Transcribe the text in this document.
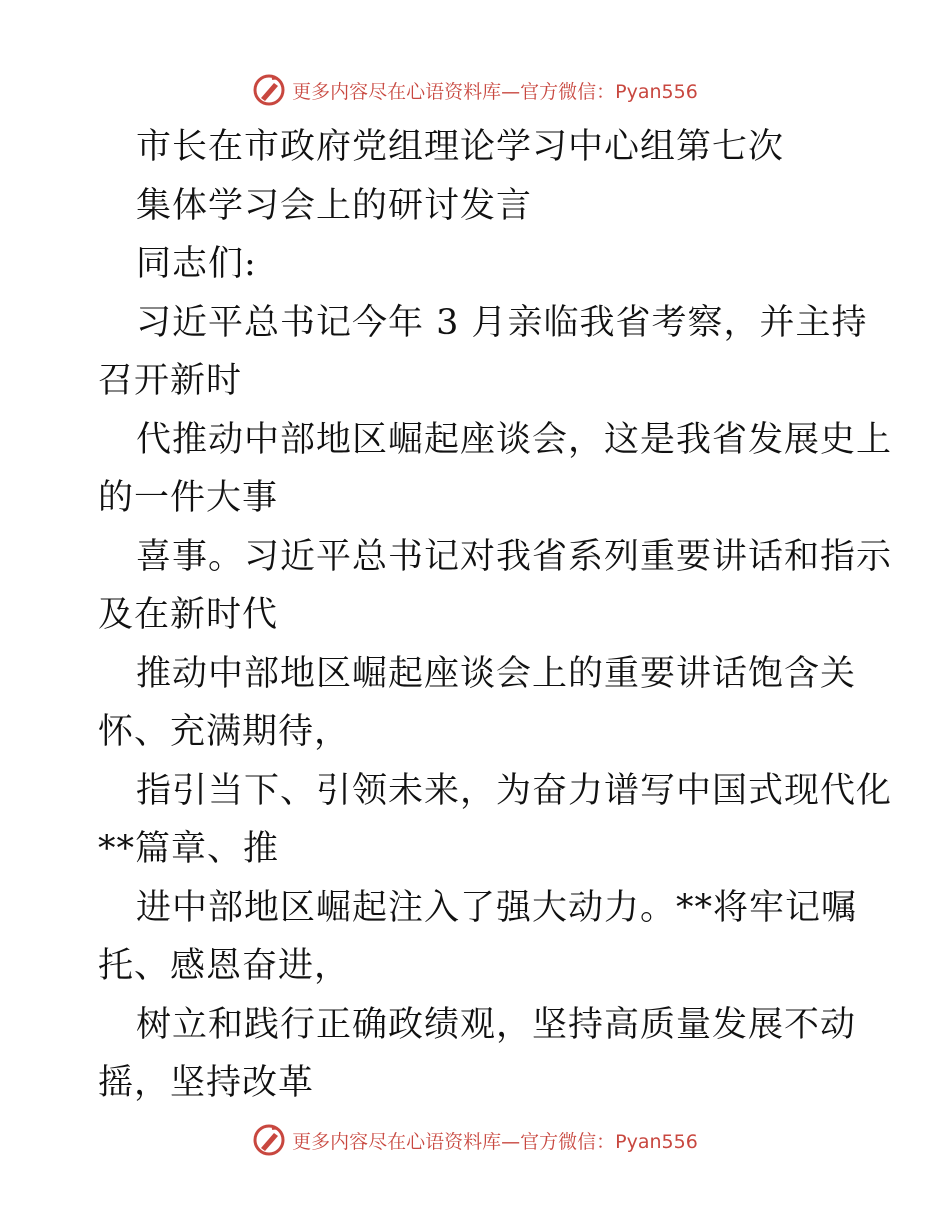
更多内容尽在心语资料库—官方微信：Pyan556
市长在市政府党组理论学习中心组第七次
集体学习会上的研讨发言
同志们:
习近平总书记今年 3 月亲临我省考察，并主持
召开新时
代推动中部地区崛起座谈会，这是我省发展史上
的一件大事
喜事。习近平总书记对我省系列重要讲话和指示
及在新时代
推动中部地区崛起座谈会上的重要讲话饱含关
怀、充满期待，
指引当下、引领未来，为奋力谱写中国式现代化
**篇章、推
进中部地区崛起注入了强大动力。**将牢记嘱
托、感恩奋进，
树立和践行正确政绩观，坚持高质量发展不动
摇，坚持改革
更多内容尽在心语资料库—官方微信：Pyan556
